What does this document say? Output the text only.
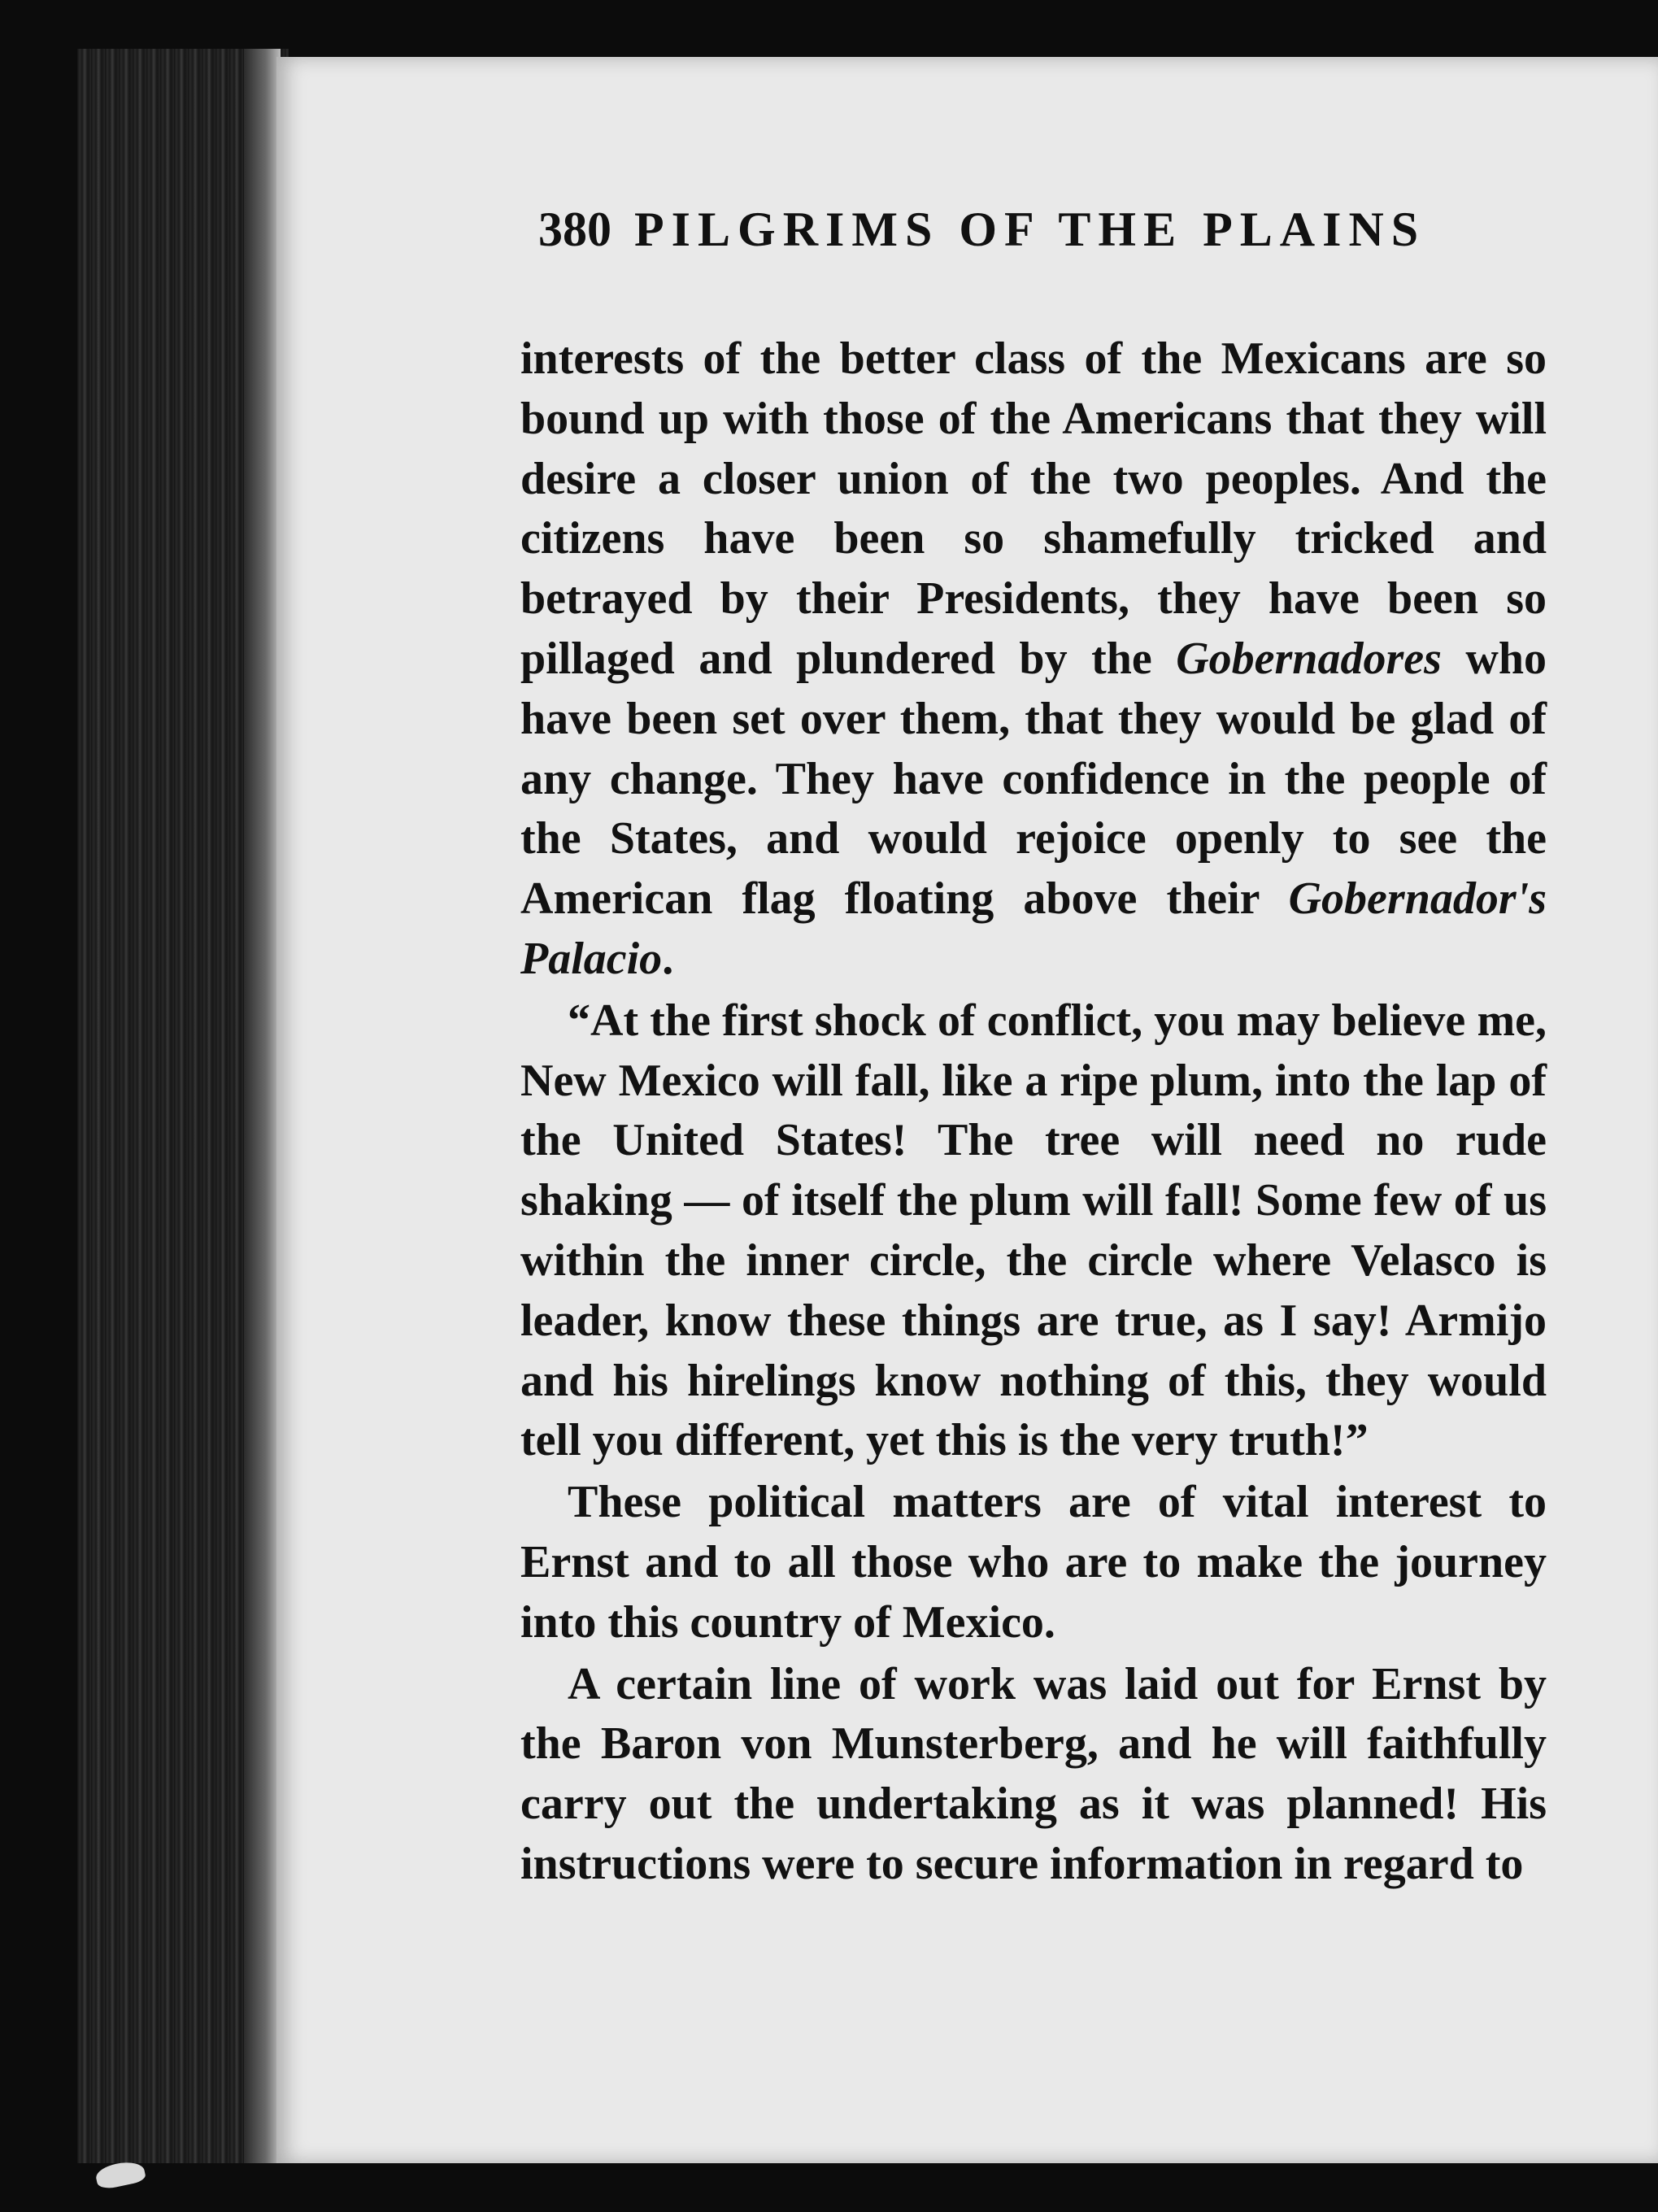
380 PILGRIMS OF THE PLAINS

interests of the better class of the Mexicans are so bound up with those of the Americans that they will desire a closer union of the two peoples. And the citizens have been so shamefully tricked and betrayed by their Presidents, they have been so pillaged and plundered by the Gobernadores who have been set over them, that they would be glad of any change. They have confidence in the people of the States, and would rejoice openly to see the American flag floating above their Gobernador's Palacio.

“At the first shock of conflict, you may believe me, New Mexico will fall, like a ripe plum, into the lap of the United States! The tree will need no rude shaking — of itself the plum will fall! Some few of us within the inner circle, the circle where Velasco is leader, know these things are true, as I say! Armijo and his hirelings know nothing of this, they would tell you different, yet this is the very truth!”

These political matters are of vital interest to Ernst and to all those who are to make the journey into this country of Mexico.

A certain line of work was laid out for Ernst by the Baron von Munsterberg, and he will faithfully carry out the undertaking as it was planned! His instructions were to secure information in regard to
